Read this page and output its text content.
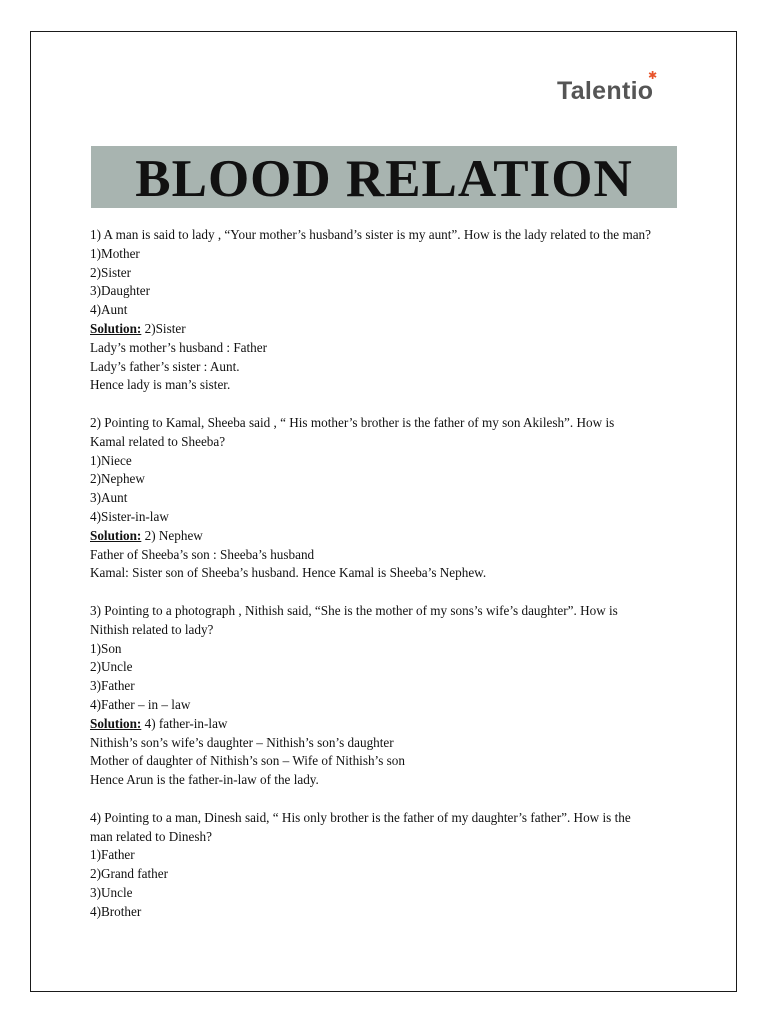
Talentio
✱
BLOOD RELATION
1) A man is said to lady , “Your mother’s husband’s sister is my aunt”. How is the lady related to the man?
1)Mother
2)Sister
3)Daughter
4)Aunt
Solution: 2)Sister
Lady’s mother’s husband : Father
Lady’s father’s sister : Aunt.
Hence lady is man’s sister.
2) Pointing to Kamal, Sheeba said , “ His mother’s brother is the father of my son Akilesh”. How is
Kamal related to Sheeba?
1)Niece
2)Nephew
3)Aunt
4)Sister-in-law
Solution: 2) Nephew
Father of Sheeba’s son : Sheeba’s husband
Kamal: Sister son of Sheeba’s husband. Hence Kamal is Sheeba’s Nephew.
3) Pointing to a photograph , Nithish said, “She is the mother of my sons’s wife’s daughter”. How is
Nithish related to lady?
1)Son
2)Uncle
3)Father
4)Father – in – law
Solution: 4) father-in-law
Nithish’s son’s wife’s daughter – Nithish’s son’s daughter
Mother of daughter of Nithish’s son – Wife of Nithish’s son
Hence Arun is the father-in-law of the lady.
4) Pointing to a man, Dinesh said, “ His only brother is the father of my daughter’s father”. How is the
man related to Dinesh?
1)Father
2)Grand father
3)Uncle
4)Brother
